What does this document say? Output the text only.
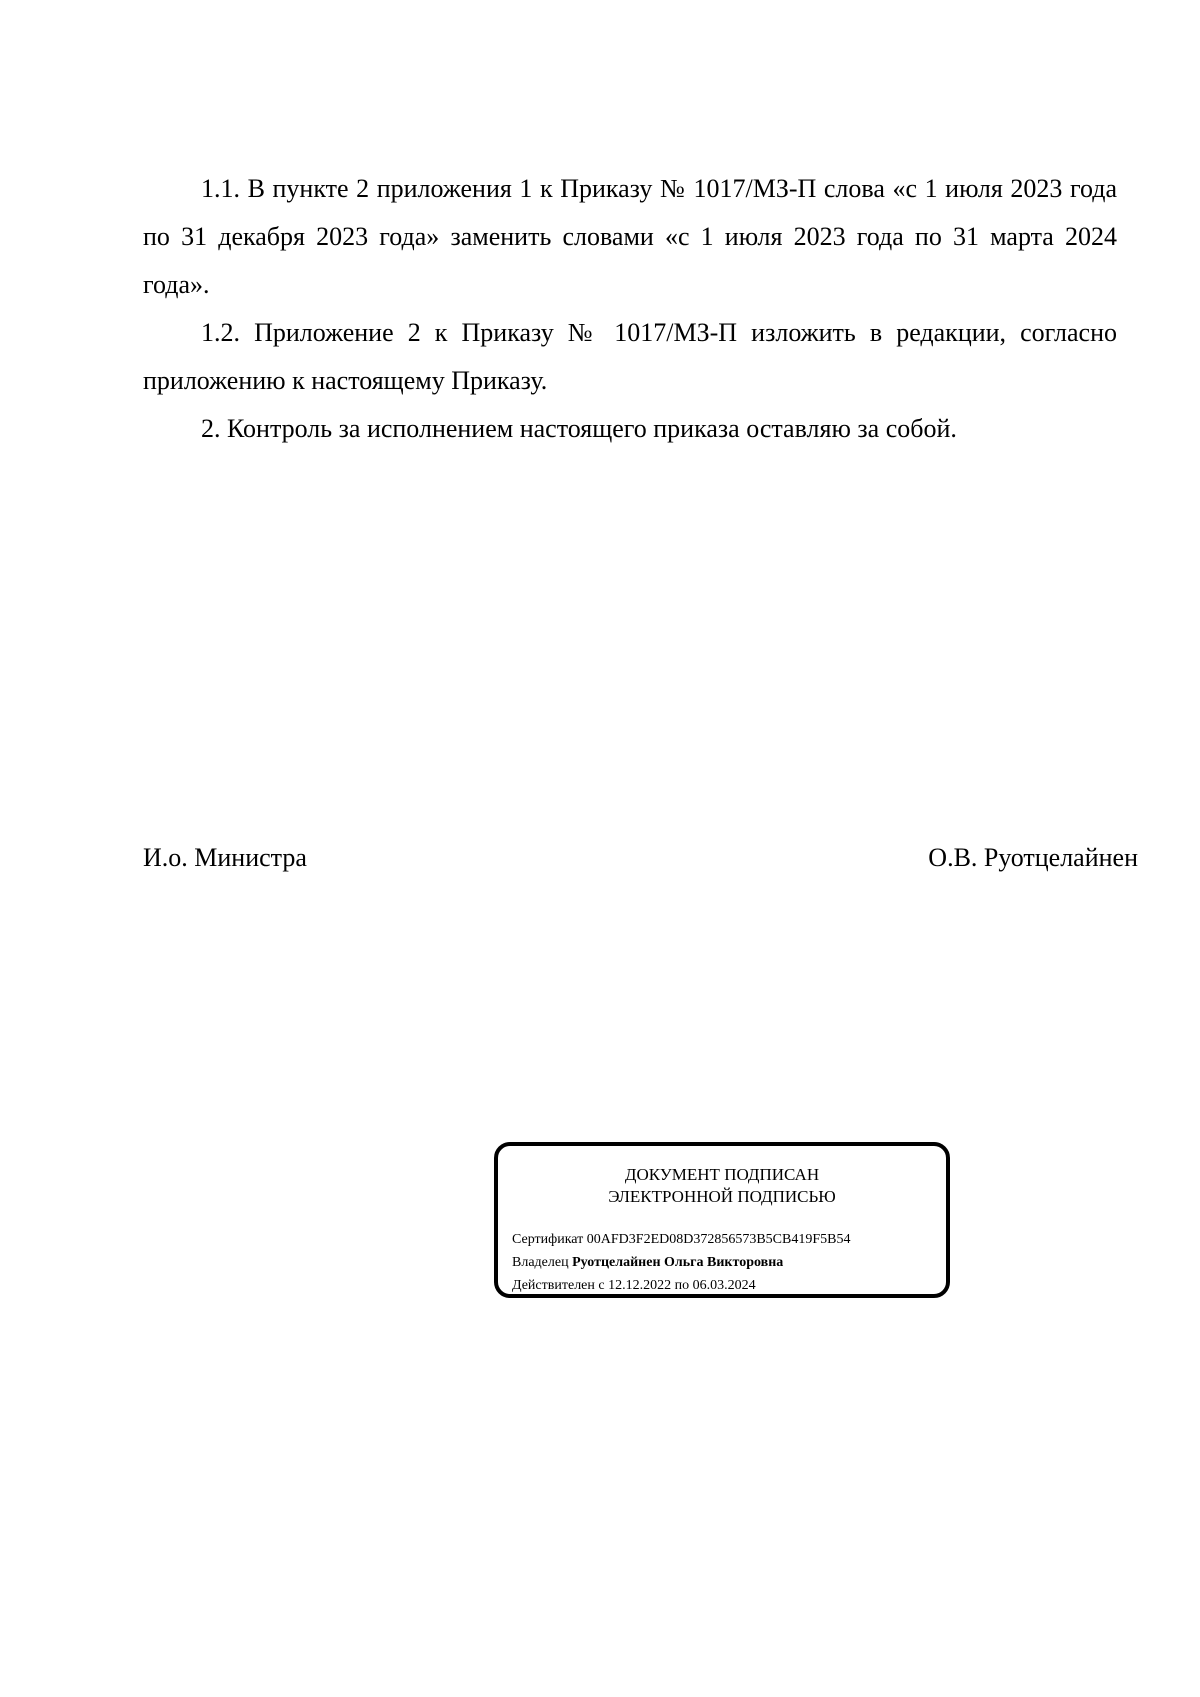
1.1. В пункте 2 приложения 1 к Приказу № 1017/МЗ-П слова «с 1 июля 2023 года по 31 декабря 2023 года» заменить словами «с 1 июля 2023 года по 31 марта 2024 года».

1.2. Приложение 2 к Приказу № 1017/МЗ-П изложить в редакции, согласно приложению к настоящему Приказу.

2. Контроль за исполнением настоящего приказа оставляю за собой.

И.о. Министра	О.В. Руотцелайнен
ДОКУМЕНТ ПОДПИСАН
ЭЛЕКТРОННОЙ ПОДПИСЬЮ
Сертификат 00AFD3F2ED08D372856573B5CB419F5B54
Владелец Руотцелайнен Ольга Викторовна
Действителен с 12.12.2022 по 06.03.2024
